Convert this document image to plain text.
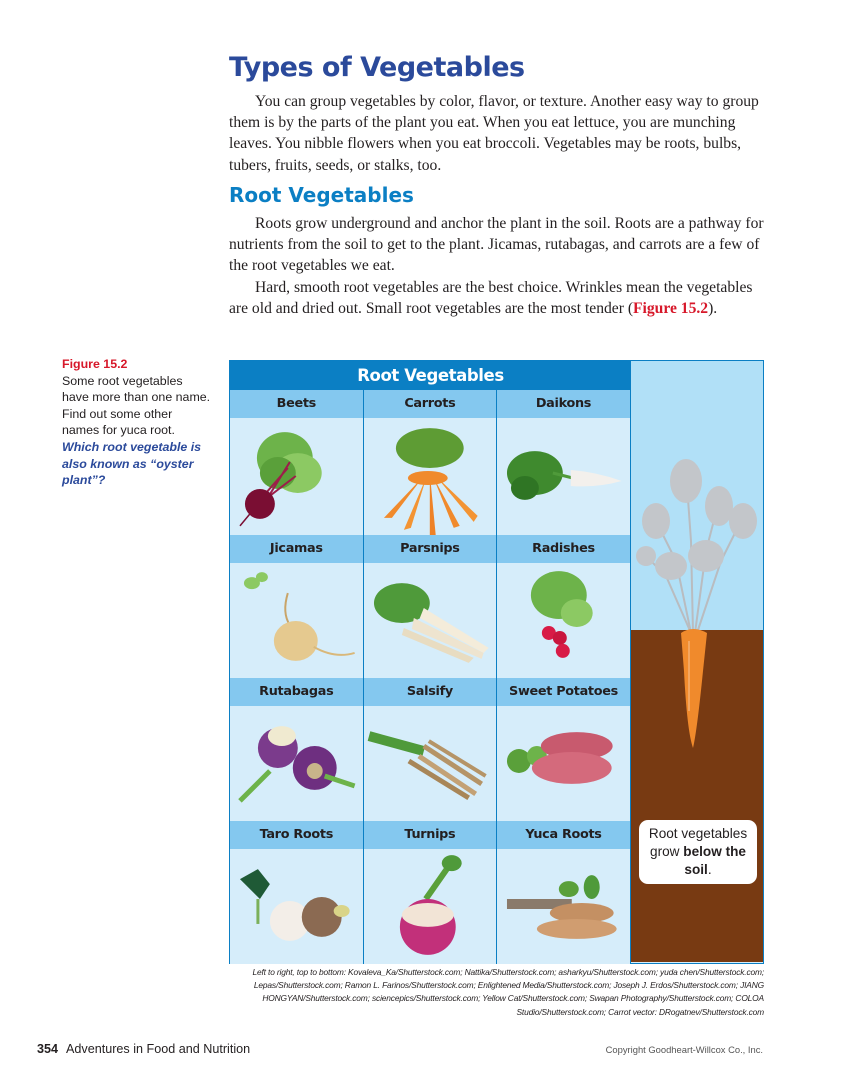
Types of Vegetables

You can group vegetables by color, flavor, or texture. Another easy way to group them is by the parts of the plant you eat. When you eat lettuce, you are munching leaves. You nibble flowers when you eat broccoli. Vegetables may be roots, bulbs, tubers, fruits, seeds, or stalks, too.

Root Vegetables

Roots grow underground and anchor the plant in the soil. Roots are a pathway for nutrients from the soil to get to the plant. Jicamas, rutabagas, and carrots are a few of the root vegetables we eat.

Hard, smooth root vegetables are the best choice. Wrinkles mean the vegetables are old and dried out. Small root vegetables are the most tender (Figure 15.2).

Figure 15.2
Some root vegetables have more than one name. Find out some other names for yuca root. Which root vegetable is also known as “oyster plant”?
Root Vegetables
Beets	Carrots	Daikons
Jicamas	Parsnips	Radishes
Rutabagas	Salsify	Sweet Potatoes
Taro Roots	Turnips	Yuca Roots	Root vegetables grow below the soil.
Left to right, top to bottom: Kovaleva_Ka/Shutterstock.com; Nattika/Shutterstock.com; asharkyu/Shutterstock.com; yuda chen/Shutterstock.com; Lepas/Shutterstock.com; Ramon L. Farinos/Shutterstock.com; Enlightened Media/Shutterstock.com; Joseph J. Erdos/Shutterstock.com; JIANG HONGYAN/Shutterstock.com; sciencepics/Shutterstock.com; Yellow Cat/Shutterstock.com; Swapan Photography/Shutterstock.com; COLOA Studio/Shutterstock.com; Carrot vector: DRogatnev/Shutterstock.com
354 Adventures in Food and Nutrition	Copyright Goodheart-Willcox Co., Inc.
